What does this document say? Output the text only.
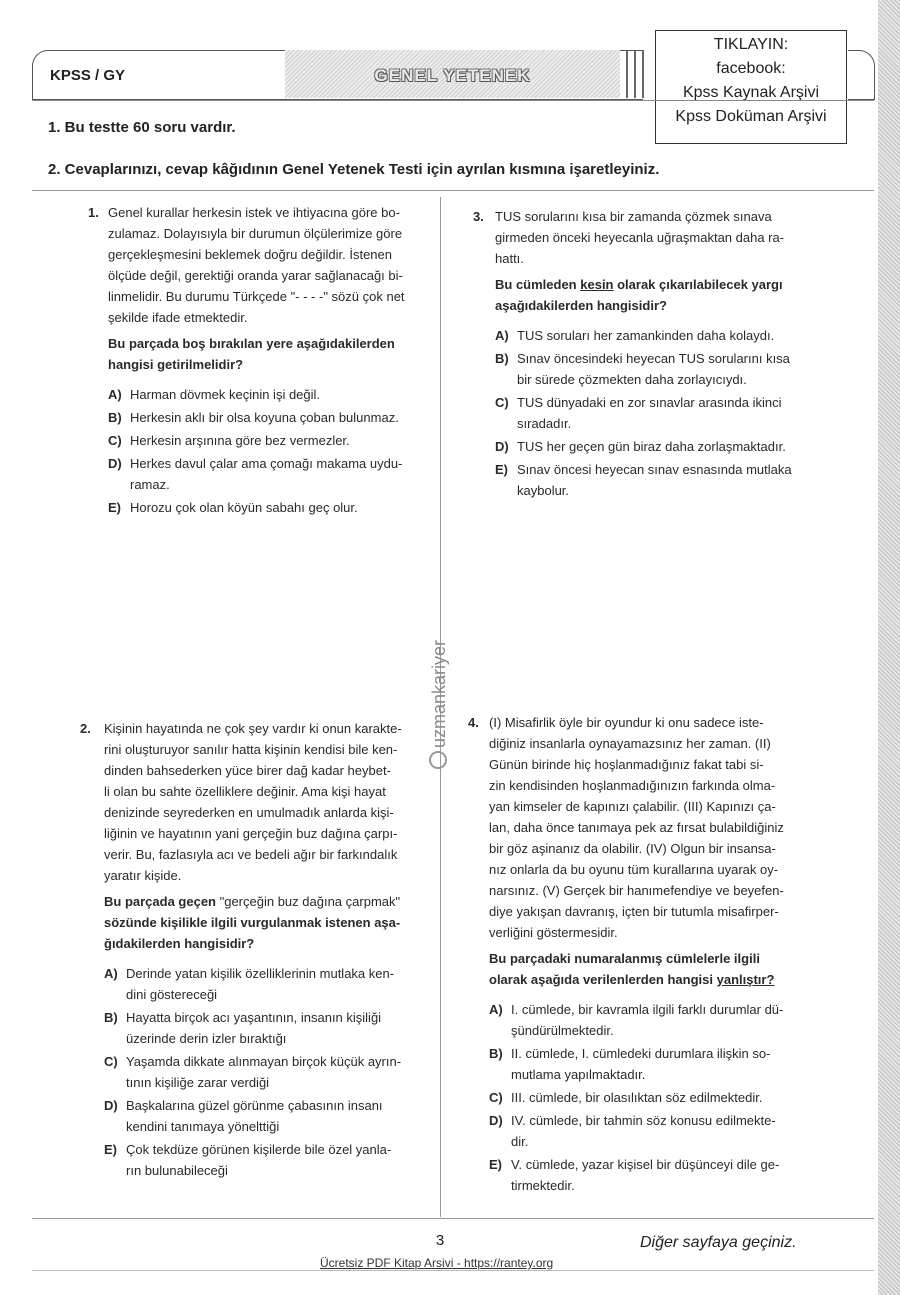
KPSS / GY	GENEL YETENEK
TIKLAYIN:
facebook:
Kpss Kaynak Arşivi
Kpss Doküman Arşivi
1. Bu testte 60 soru vardır.
2. Cevaplarınızı, cevap kâğıdının Genel Yetenek Testi için ayrılan kısmına işaretleyiniz.
uzmankariyer
1. Genel kurallar herkesin istek ve ihtiyacına göre bo-

zulamaz. Dolayısıyla bir durumun ölçülerimize göre

gerçekleşmesini beklemek doğru değildir. İstenen

ölçüde değil, gerektiği oranda yarar sağlanacağı bi-

linmelidir. Bu durumu Türkçede "- - - -" sözü çok net

şekilde ifade etmektedir.

Bu parçada boş bırakılan yere aşağıdakilerden

hangisi getirilmelidir?

A) Harman dövmek keçinin işi değil.
B) Herkesin aklı bir olsa koyuna çoban bulunmaz.
C) Herkesin arşınına göre bez vermezler.
D) Herkes davul çalar ama çomağı makama uydu-
ramaz.
E) Horozu çok olan köyün sabahı geç olur.
2. Kişinin hayatında ne çok şey vardır ki onun karakte-

rini oluşturuyor sanılır hatta kişinin kendisi bile ken-

dinden bahsederken yüce birer dağ kadar heybet-

li olan bu sahte özelliklere değinir. Ama kişi hayat

denizinde seyrederken en umulmadık anlarda kişi-

liğinin ve hayatının yani gerçeğin buz dağına çarpı-

verir. Bu, fazlasıyla acı ve bedeli ağır bir farkındalık

yaratır kişide.

Bu parçada geçen "gerçeğin buz dağına çarpmak"

sözünde kişilikle ilgili vurgulanmak istenen aşa-

ğıdakilerden hangisidir?

A) Derinde yatan kişilik özelliklerinin mutlaka ken-
dini göstereceği
B) Hayatta birçok acı yaşantının, insanın kişiliği
üzerinde derin izler bıraktığı
C) Yaşamda dikkate alınmayan birçok küçük ayrın-
tının kişiliğe zarar verdiği
D) Başkalarına güzel görünme çabasının insanı
kendini tanımaya yönelttiği
E) Çok tekdüze görünen kişilerde bile özel yanla-
rın bulunabileceği
3. TUS sorularını kısa bir zamanda çözmek sınava

girmeden önceki heyecanla uğraşmaktan daha ra-

hattı.

Bu cümleden kesin olarak çıkarılabilecek yargı

aşağıdakilerden hangisidir?

A) TUS soruları her zamankinden daha kolaydı.
B) Sınav öncesindeki heyecan TUS sorularını kısa
bir sürede çözmekten daha zorlayıcıydı.
C) TUS dünyadaki en zor sınavlar arasında ikinci
sıradadır.
D) TUS her geçen gün biraz daha zorlaşmaktadır.
E) Sınav öncesi heyecan sınav esnasında mutlaka
kaybolur.
4. (I) Misafirlik öyle bir oyundur ki onu sadece iste-

diğiniz insanlarla oynayamazsınız her zaman. (II)

Günün birinde hiç hoşlanmadığınız fakat tabi si-

zin kendisinden hoşlanmadığınızın farkında olma-

yan kimseler de kapınızı çalabilir. (III) Kapınızı ça-

lan, daha önce tanımaya pek az fırsat bulabildiğiniz

bir göz aşinanız da olabilir. (IV) Olgun bir insansa-

nız onlarla da bu oyunu tüm kurallarına uyarak oy-

narsınız. (V) Gerçek bir hanımefendiye ve beyefen-

diye yakışan davranış, içten bir tutumla misafirper-

verliğini göstermesidir.

Bu parçadaki numaralanmış cümlelerle ilgili

olarak aşağıda verilenlerden hangisi yanlıştır?

A) I. cümlede, bir kavramla ilgili farklı durumlar dü-
şündürülmektedir.
B) II. cümlede, I. cümledeki durumlara ilişkin so-
mutlama yapılmaktadır.
C) III. cümlede, bir olasılıktan söz edilmektedir.
D) IV. cümlede, bir tahmin söz konusu edilmekte-
dir.
E) V. cümlede, yazar kişisel bir düşünceyi dile ge-
tirmektedir.
3	Diğer sayfaya geçiniz.
Ücretsiz PDF Kitap Arsivi - https://rantey.org
